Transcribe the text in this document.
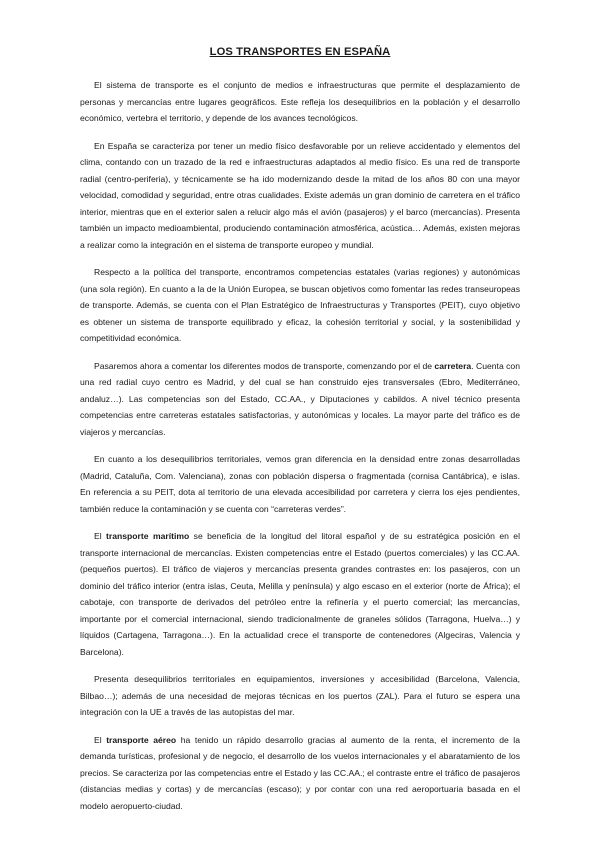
LOS TRANSPORTES EN ESPAÑA

El sistema de transporte es el conjunto de medios e infraestructuras que permite el desplazamiento de personas y mercancías entre lugares geográficos. Este refleja los desequilibrios en la población y el desarrollo económico, vertebra el territorio, y depende de los avances tecnológicos.

En España se caracteriza por tener un medio físico desfavorable por un relieve accidentado y elementos del clima, contando con un trazado de la red e infraestructuras adaptados al medio físico. Es una red de transporte radial (centro-periferia), y técnicamente se ha ido modernizando desde la mitad de los años 80 con una mayor velocidad, comodidad y seguridad, entre otras cualidades. Existe además un gran dominio de carretera en el tráfico interior, mientras que en el exterior salen a relucir algo más el avión (pasajeros) y el barco (mercancías). Presenta también un impacto medioambiental, produciendo contaminación atmosférica, acústica… Además, existen mejoras a realizar como la integración en el sistema de transporte europeo y mundial.

Respecto a la política del transporte, encontramos competencias estatales (varias regiones) y autonómicas (una sola región). En cuanto a la de la Unión Europea, se buscan objetivos como fomentar las redes transeuropeas de transporte. Además, se cuenta con el Plan Estratégico de Infraestructuras y Transportes (PEIT), cuyo objetivo es obtener un sistema de transporte equilibrado y eficaz, la cohesión territorial y social, y la sostenibilidad y competitividad económica.

Pasaremos ahora a comentar los diferentes modos de transporte, comenzando por el de carretera. Cuenta con una red radial cuyo centro es Madrid, y del cual se han construido ejes transversales (Ebro, Mediterráneo, andaluz…). Las competencias son del Estado, CC.AA., y Diputaciones y cabildos. A nivel técnico presenta competencias entre carreteras estatales satisfactorias, y autonómicas y locales. La mayor parte del tráfico es de viajeros y mercancías.

En cuanto a los desequilibrios territoriales, vemos gran diferencia en la densidad entre zonas desarrolladas (Madrid, Cataluña, Com. Valenciana), zonas con población dispersa o fragmentada (cornisa Cantábrica), e islas. En referencia a su PEIT, dota al territorio de una elevada accesibilidad por carretera y cierra los ejes pendientes, también reduce la contaminación y se cuenta con “carreteras verdes”.

El transporte marítimo se beneficia de la longitud del litoral español y de su estratégica posición en el transporte internacional de mercancías. Existen competencias entre el Estado (puertos comerciales) y las CC.AA. (pequeños puertos). El tráfico de viajeros y mercancías presenta grandes contrastes en: los pasajeros, con un dominio del tráfico interior (entra islas, Ceuta, Melilla y península) y algo escaso en el exterior (norte de África); el cabotaje, con transporte de derivados del petróleo entre la refinería y el puerto comercial; las mercancías, importante por el comercial internacional, siendo tradicionalmente de graneles sólidos (Tarragona, Huelva…) y líquidos (Cartagena, Tarragona…). En la actualidad crece el transporte de contenedores (Algeciras, Valencia y Barcelona).

Presenta desequilibrios territoriales en equipamientos, inversiones y accesibilidad (Barcelona, Valencia, Bilbao…); además de una necesidad de mejoras técnicas en los puertos (ZAL). Para el futuro se espera una integración con la UE a través de las autopistas del mar.

El transporte aéreo ha tenido un rápido desarrollo gracias al aumento de la renta, el incremento de la demanda turísticas, profesional y de negocio, el desarrollo de los vuelos internacionales y el abaratamiento de los precios. Se caracteriza por las competencias entre el Estado y las CC.AA.; el contraste entre el tráfico de pasajeros (distancias medias y cortas) y de mercancías (escaso); y por contar con una red aeroportuaria basada en el modelo aeropuerto-ciudad.
